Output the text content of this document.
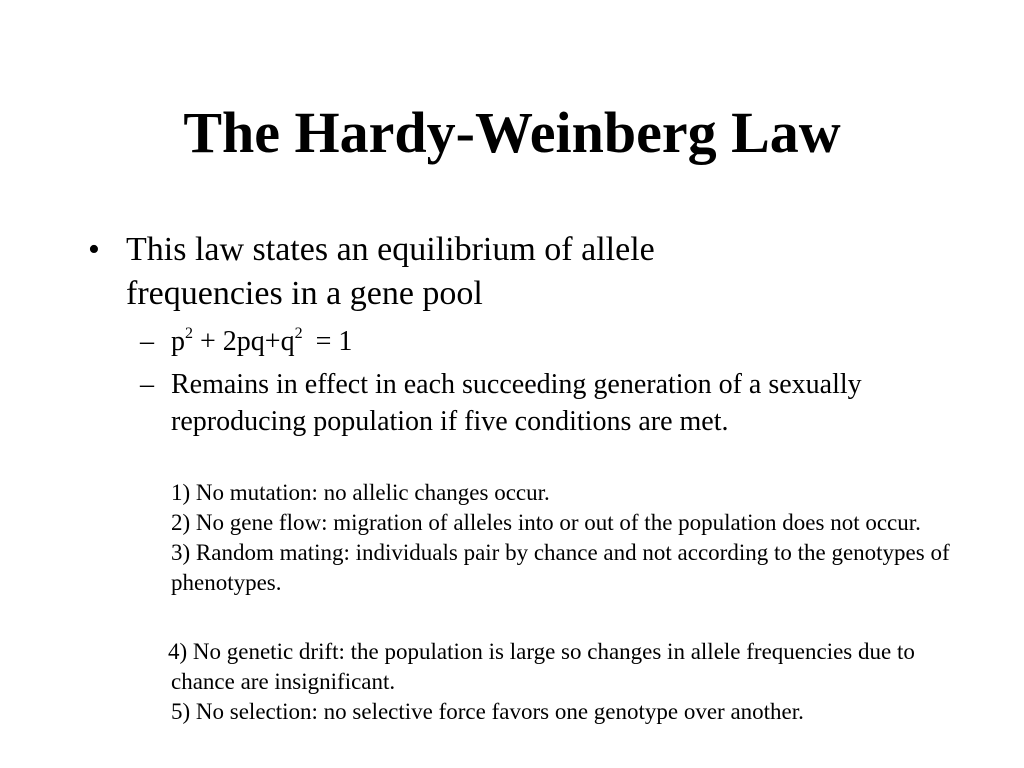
The Hardy-Weinberg Law
• This law states an equilibrium of allele frequencies in a gene pool
– $p^2 + 2pq+q^2 = 1$
– Remains in effect in each succeeding generation of a sexually reproducing population if five conditions are met.

1) No mutation: no allelic changes occur.

2) No gene flow: migration of alleles into or out of the population does not occur.

3) Random mating: individuals pair by chance and not according to the genotypes of phenotypes.

4) No genetic drift: the population is large so changes in allele frequencies due to chance are insignificant.

5) No selection: no selective force favors one genotype over another.
